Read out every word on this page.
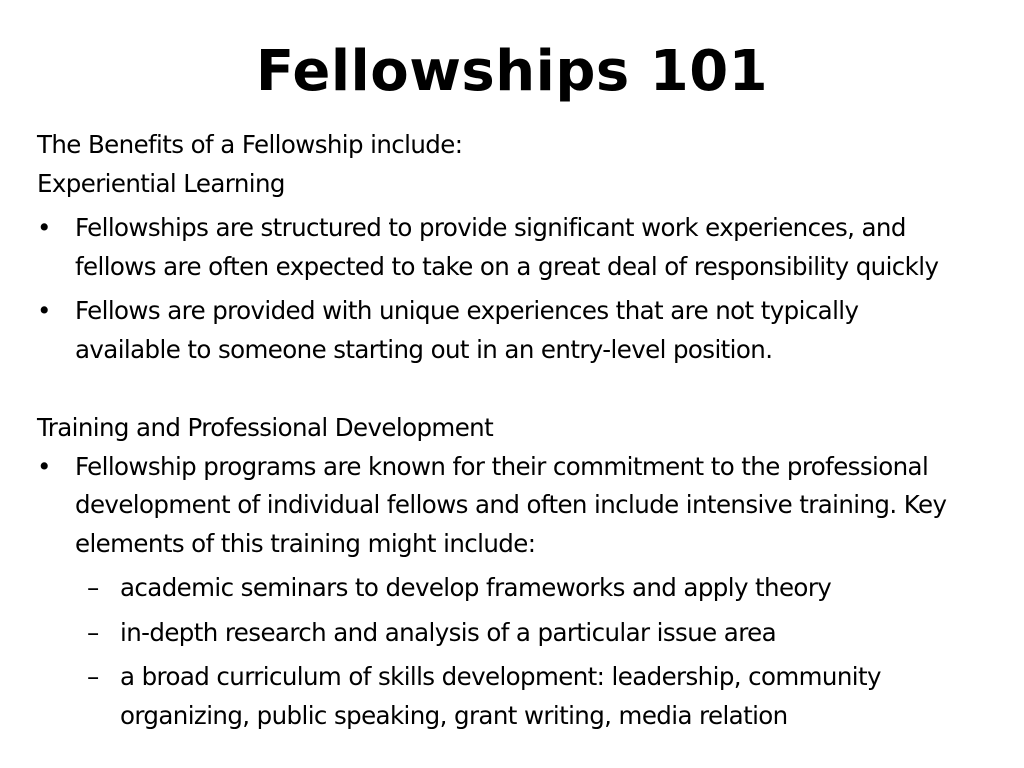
Fellowships 101
The Benefits of a Fellowship include:
Experiential Learning
• Fellowships are structured to provide significant work experiences, and
fellows are often expected to take on a great deal of responsibility quickly
• Fellows are provided with unique experiences that are not typically
available to someone starting out in an entry-level position.
Training and Professional Development
• Fellowship programs are known for their commitment to the professional
development of individual fellows and often include intensive training. Key
elements of this training might include:
– academic seminars to develop frameworks and apply theory
– in-depth research and analysis of a particular issue area
– a broad curriculum of skills development: leadership, community
organizing, public speaking, grant writing, media relation
